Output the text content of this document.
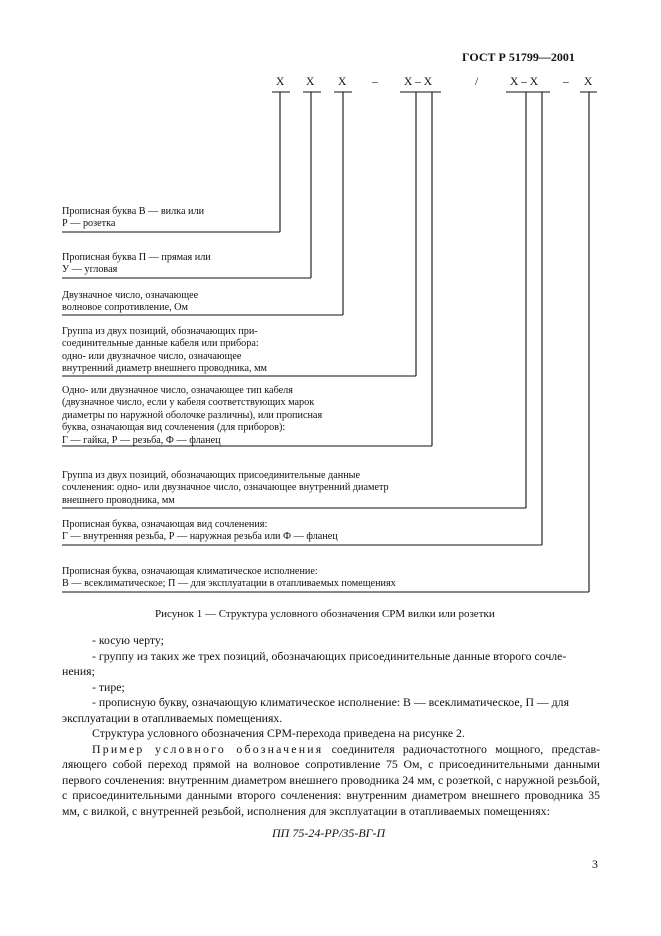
ГОСТ Р 51799—2001
X X X – X – X	/	X – X – X
Прописная буква В — вилка или
Р — розетка
Прописная буква П — прямая или
У — угловая
Двузначное число, означающее
волновое сопротивление, Ом
Группа из двух позиций, обозначающих при-
соединительные данные кабеля или прибора:
одно- или двузначное число, означающее
внутренний диаметр внешнего проводника, мм
Одно- или двузначное число, означающее тип кабеля
(двузначное число, если у кабеля соответствующих марок
диаметры по наружной оболочке различны), или прописная
буква, означающая вид сочленения (для приборов):
Г — гайка, Р — резьба, Ф — фланец
Группа из двух позиций, обозначающих присоединительные данные
сочленения: одно- или двузначное число, означающее внутренний диаметр
внешнего проводника, мм
Прописная буква, означающая вид сочленения:
Г — внутренняя резьба, Р — наружная резьба или Ф — фланец
Прописная буква, означающая климатическое исполнение:
В — всеклиматическое; П — для эксплуатации в отапливаемых помещениях
Рисунок 1 — Структура условного обозначения СРМ вилки или розетки
- косую черту;
- группу из таких же трех позиций, обозначающих присоединительные данные второго сочле-
нения;
- тире;
- прописную букву, означающую климатическое исполнение: В — всеклиматическое, П — для
эксплуатации в отапливаемых помещениях.
Структура условного обозначения СРМ-перехода приведена на рисунке 2.
Пример условного обозначения соединителя радиочастотного мощного, представ-ляющего собой переход прямой на волновое сопротивление 75 Ом, с присоединительными данными первого сочленения: внутренним диаметром внешнего проводника 24 мм, с розеткой, с наружной резьбой, с присоединительными данными второго сочленения: внутренним диаметром внешнего проводника 35 мм, с вилкой, с внутренней резьбой, исполнения для эксплуатации в отапливаемых помещениях:
ПП 75-24-РР/35-ВГ-П
3
